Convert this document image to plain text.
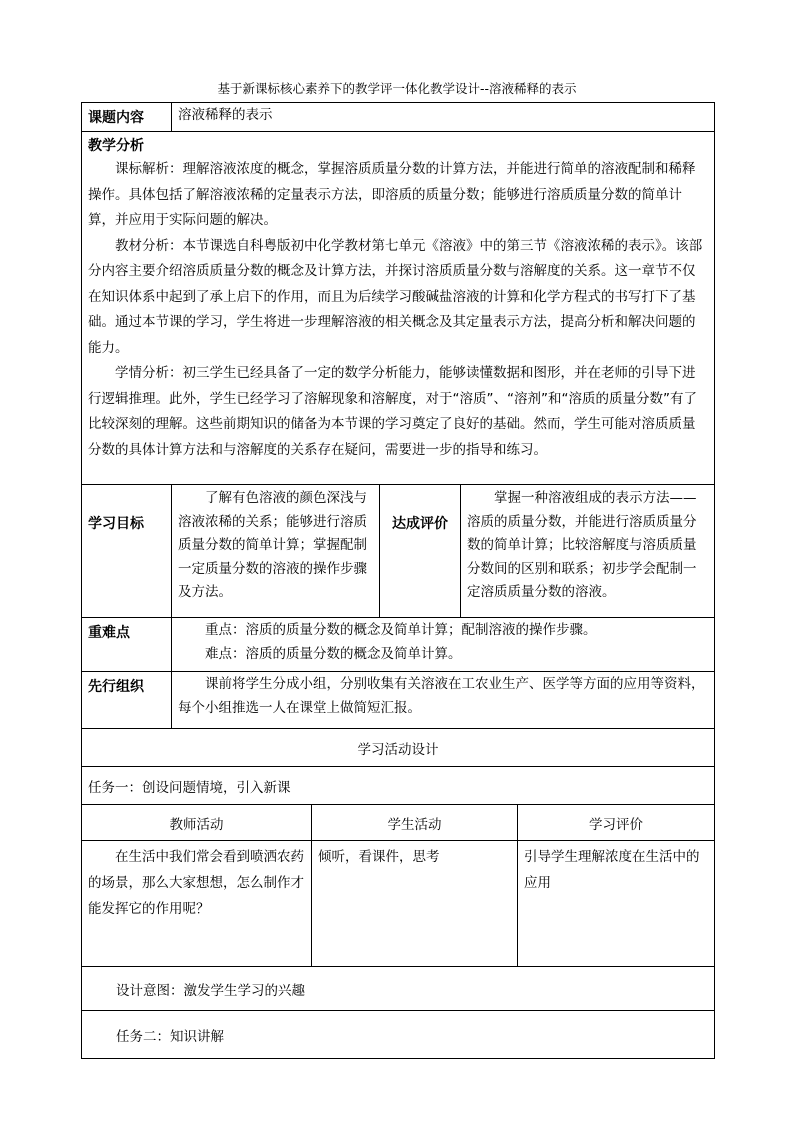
基于新课标核心素养下的教学评一体化教学设计--溶液稀释的表示
课题内容	溶液稀释的表示		

教学分析

课标解析：理解溶液浓度的概念，掌握溶质质量分数的计算方法，并能进行简单的溶液配制和稀释操作。具体包括了解溶液浓稀的定量表示方法，即溶质的质量分数；能够进行溶质质量分数的简单计算，并应用于实际问题的解决。

教材分析：本节课选自科粤版初中化学教材第七单元《溶液》中的第三节《溶液浓稀的表示》。该部分内容主要介绍溶质质量分数的概念及计算方法，并探讨溶质质量分数与溶解度的关系。这一章节不仅在知识体系中起到了承上启下的作用，而且为后续学习酸碱盐溶液的计算和化学方程式的书写打下了基础。通过本节课的学习，学生将进一步理解溶液的相关概念及其定量表示方法，提高分析和解决问题的能力。

学情分析：初三学生已经具备了一定的数学分析能力，能够读懂数据和图形，并在老师的引导下进行逻辑推理。此外，学生已经学习了溶解现象和溶解度，对于“溶质”、“溶剂”和“溶质的质量分数”有了比较深刻的理解。这些前期知识的储备为本节课的学习奠定了良好的基础。然而，学生可能对溶质质量分数的具体计算方法和与溶解度的关系存在疑问，需要进一步的指导和练习。			

学习目标	了解有色溶液的颜色深浅与溶液浓稀的关系；能够进行溶质质量分数的简单计算；掌握配制一定质量分数的溶液的操作步骤及方法。	达成评价	掌握一种溶液组成的表示方法——溶质的质量分数，并能进行溶质质量分数的简单计算；比较溶解度与溶质质量分数间的区别和联系；初步学会配制一定溶质质量分数的溶液。
重难点	重点：溶质的质量分数的概念及简单计算；配制溶液的操作步骤。
难点：溶质的质量分数的概念及简单计算。		

先行组织	课前将学生分成小组，分别收集有关溶液在工农业生产、医学等方面的应用等资料，每个小组推选一人在课堂上做简短汇报。		
学习活动设计		
任务一：创设问题情境，引入新课		
教师活动	学生活动	学习评价
在生活中我们常会看到喷洒农药的场景，那么大家想想，怎么制作才能发挥它的作用呢？	倾听，看课件，思考	引导学生理解浓度在生活中的应用
设计意图：激发学生学习的兴趣		
任务二：知识讲解		
